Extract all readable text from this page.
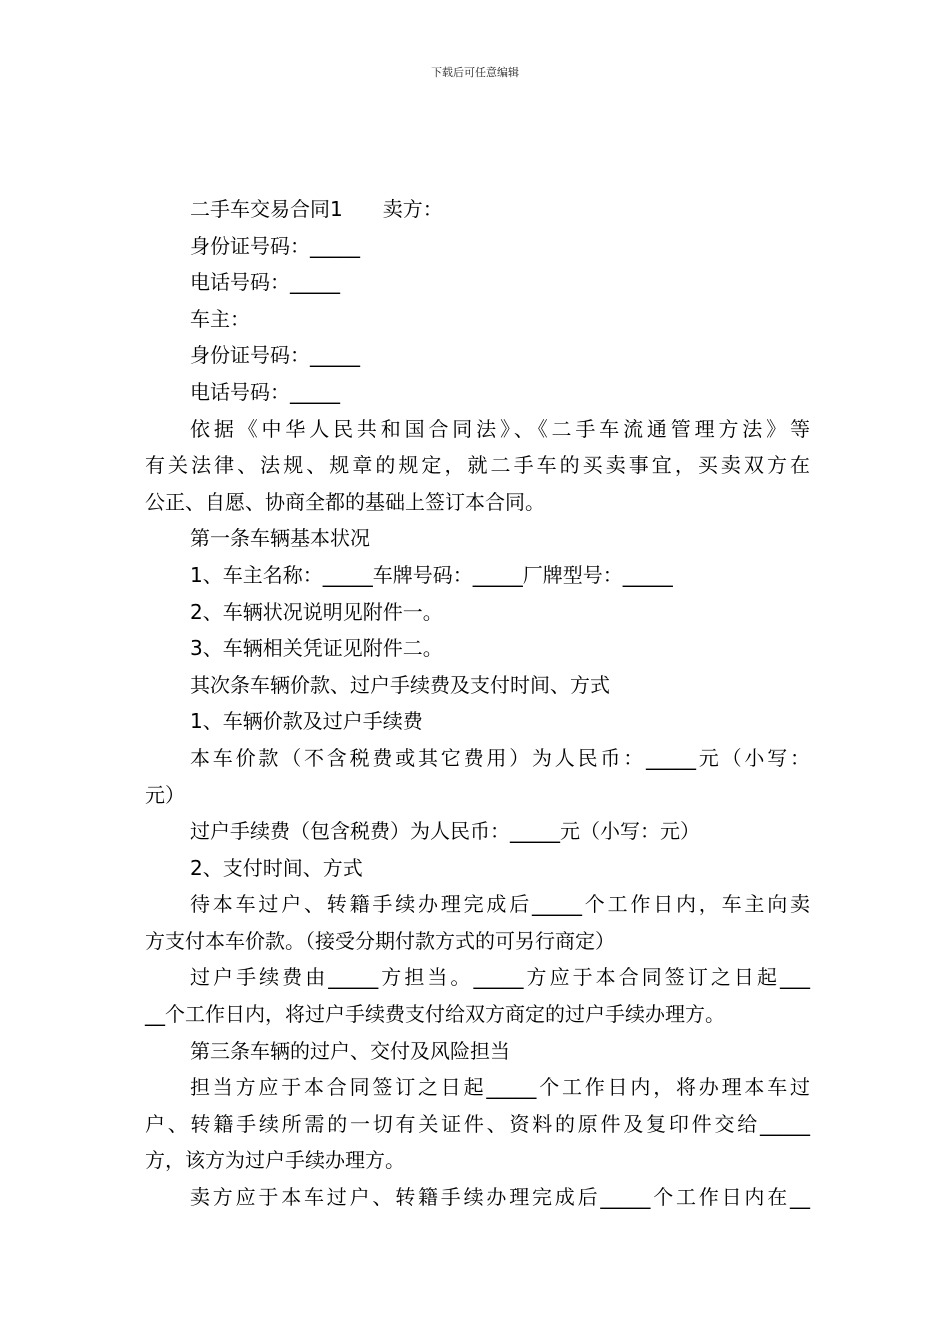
下载后可任意编辑
二手车交易合同1　　卖方：
身份证号码：_____
电话号码：_____
车主：
身份证号码：_____
电话号码：_____
依据《中华人民共和国合同法》、《二手车流通管理方法》等
有关法律、法规、规章的规定，就二手车的买卖事宜，买卖双方在
公正、自愿、协商全都的基础上签订本合同。
第一条车辆基本状况
1、车主名称：_____车牌号码：_____厂牌型号：_____
2、车辆状况说明见附件一。
3、车辆相关凭证见附件二。
其次条车辆价款、过户手续费及支付时间、方式
1、车辆价款及过户手续费
本车价款（不含税费或其它费用）为人民币：_____元（小写：
元）
过户手续费（包含税费）为人民币：_____元（小写：元）
2、支付时间、方式
待本车过户、转籍手续办理完成后_____个工作日内，车主向卖
方支付本车价款。（接受分期付款方式的可另行商定）
过户手续费由_____方担当。_____方应于本合同签订之日起___
__个工作日内，将过户手续费支付给双方商定的过户手续办理方。
第三条车辆的过户、交付及风险担当
担当方应于本合同签订之日起_____个工作日内，将办理本车过
户、转籍手续所需的一切有关证件、资料的原件及复印件交给_____
方，该方为过户手续办理方。
卖方应于本车过户、转籍手续办理完成后_____个工作日内在__
